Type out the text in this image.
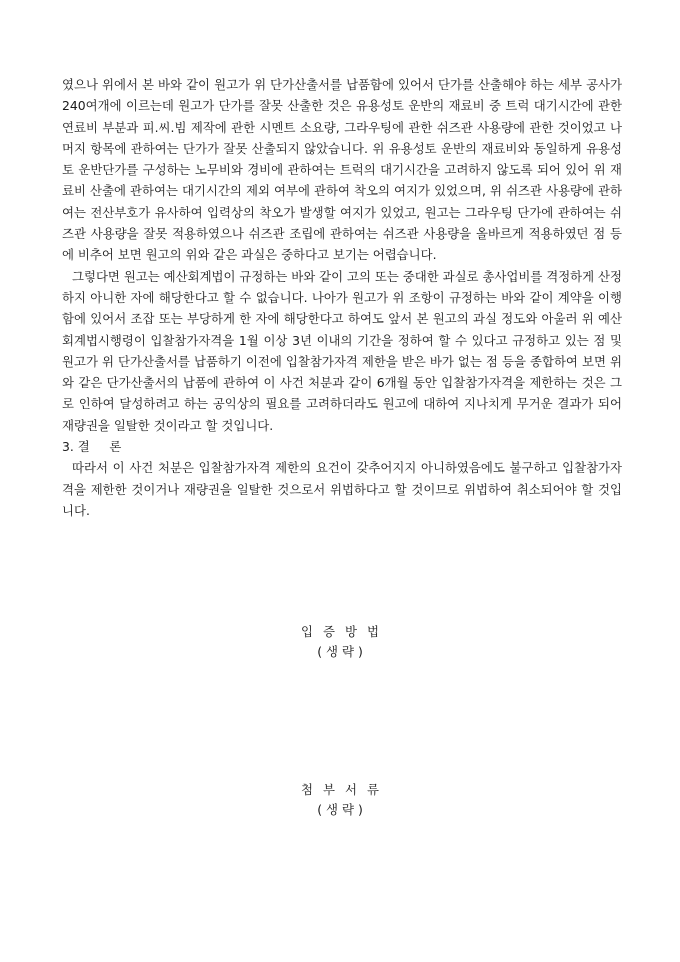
였으나 위에서 본 바와 같이 원고가 위 단가산출서를 납품함에 있어서 단가를 산출해야 하는 세부 공사가 240여개에 이르는데 원고가 단가를 잘못 산출한 것은 유용성토 운반의 재료비 중 트럭 대기시간에 관한 연료비 부분과 피.씨.빔 제작에 관한 시멘트 소요량, 그라우팅에 관한 쉬즈관 사용량에 관한 것이었고 나머지 항목에 관하여는 단가가 잘못 산출되지 않았습니다. 위 유용성토 운반의 재료비와 동일하게 유용성토 운반단가를 구성하는 노무비와 경비에 관하여는 트럭의 대기시간을 고려하지 않도록 되어 있어 위 재료비 산출에 관하여는 대기시간의 제외 여부에 관하여 착오의 여지가 있었으며, 위 쉬즈관 사용량에 관하여는 전산부호가 유사하여 입력상의 착오가 발생할 여지가 있었고, 원고는 그라우팅 단가에 관하여는 쉬즈관 사용량을 잘못 적용하였으나 쉬즈관 조립에 관하여는 쉬즈관 사용량을 올바르게 적용하였던 점 등에 비추어 보면 원고의 위와 같은 과실은 중하다고 보기는 어렵습니다.

그렇다면 원고는 예산회계법이 규정하는 바와 같이 고의 또는 중대한 과실로 총사업비를 격정하게 산정하지 아니한 자에 해당한다고 할 수 없습니다. 나아가 원고가 위 조항이 규정하는 바와 같이 계약을 이행함에 있어서 조잡 또는 부당하게 한 자에 해당한다고 하여도 앞서 본 원고의 과실 정도와 아울러 위 예산회계법시행령이 입찰참가자격을 1월 이상 3년 이내의 기간을 정하여 할 수 있다고 규정하고 있는 점 및 원고가 위 단가산출서를 납품하기 이전에 입찰참가자격 제한을 받은 바가 없는 점 등을 종합하여 보면 위와 같은 단가산출서의 납품에 관하여 이 사건 처분과 같이 6개월 동안 입찰참가자격을 제한하는 것은 그로 인하여 달성하려고 하는 공익상의 필요를 고려하더라도 원고에 대하여 지나치게 무거운 결과가 되어 재량권을 일탈한 것이라고 할 것입니다.

3. 결     론

따라서 이 사건 처분은 입찰참가자격 제한의 요건이 갖추어지지 아니하였음에도 불구하고 입찰참가자격을 제한한 것이거나 재량권을 일탈한 것으로서 위법하다고 할 것이므로 위법하여 취소되어야 할 것입니다.

입증방법
(생략)
첨부서류
(생략)
